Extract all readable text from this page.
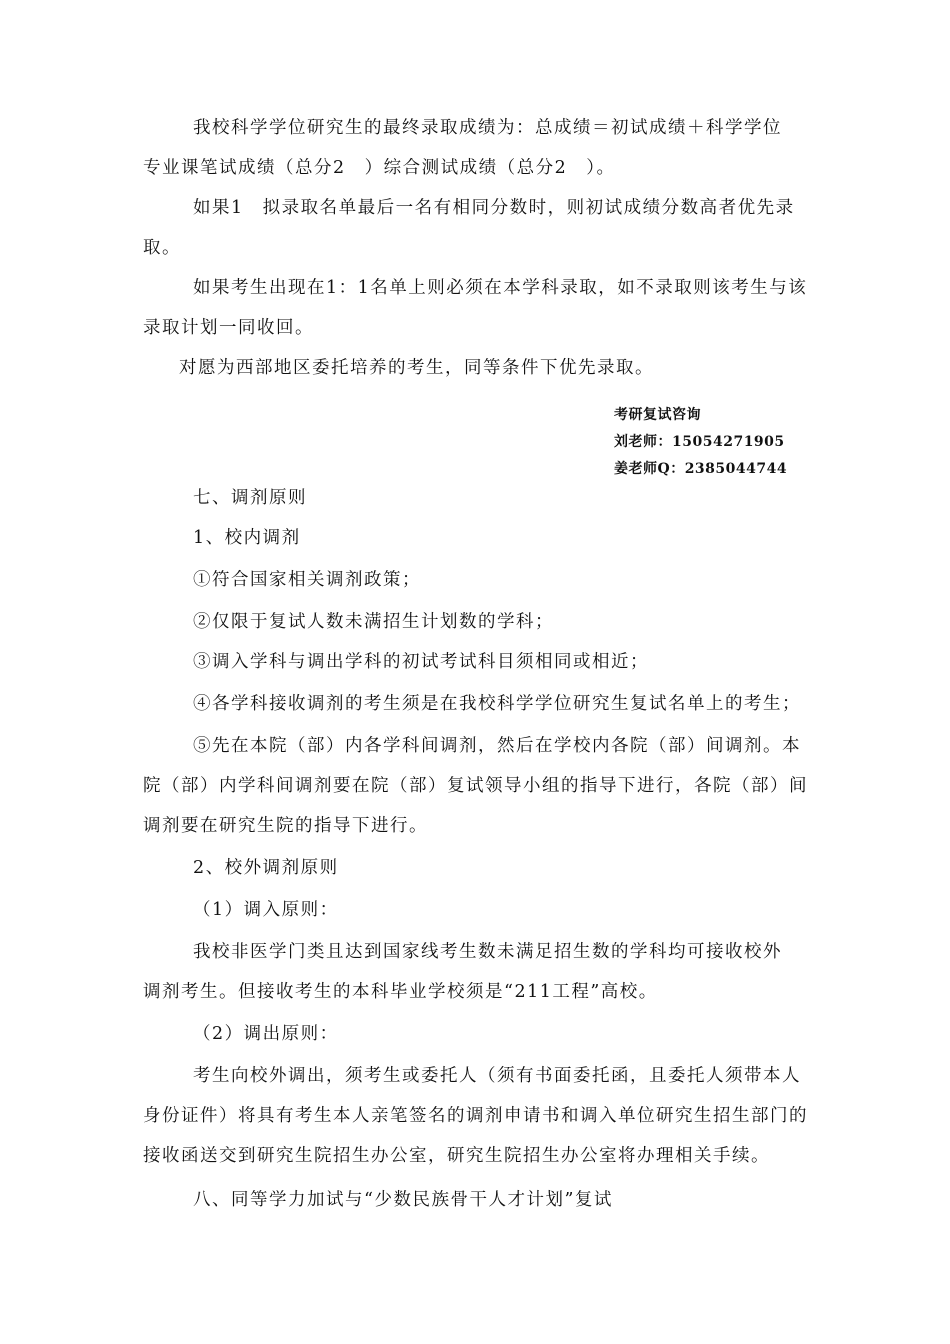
我校科学学位研究生的最终录取成绩为：总成绩＝初试成绩＋科学学位
专业课笔试成绩（总分2　）综合测试成绩（总分2　）。
如果1　拟录取名单最后一名有相同分数时，则初试成绩分数高者优先录
取。
如果考生出现在1：1名单上则必须在本学科录取，如不录取则该考生与该
录取计划一同收回。
对愿为西部地区委托培养的考生，同等条件下优先录取。
考研复试咨询
刘老师：15054271905
姜老师Q：2385044744
七、调剂原则
1、校内调剂
①符合国家相关调剂政策；
②仅限于复试人数未满招生计划数的学科；
③调入学科与调出学科的初试考试科目须相同或相近；
④各学科接收调剂的考生须是在我校科学学位研究生复试名单上的考生；
⑤先在本院（部）内各学科间调剂，然后在学校内各院（部）间调剂。本
院（部）内学科间调剂要在院（部）复试领导小组的指导下进行，各院（部）间
调剂要在研究生院的指导下进行。
2、校外调剂原则
（1）调入原则：
我校非医学门类且达到国家线考生数未满足招生数的学科均可接收校外
调剂考生。但接收考生的本科毕业学校须是“211工程”高校。
（2）调出原则：
考生向校外调出，须考生或委托人（须有书面委托函，且委托人须带本人
身份证件）将具有考生本人亲笔签名的调剂申请书和调入单位研究生招生部门的
接收函送交到研究生院招生办公室，研究生院招生办公室将办理相关手续。
八、同等学力加试与“少数民族骨干人才计划”复试
